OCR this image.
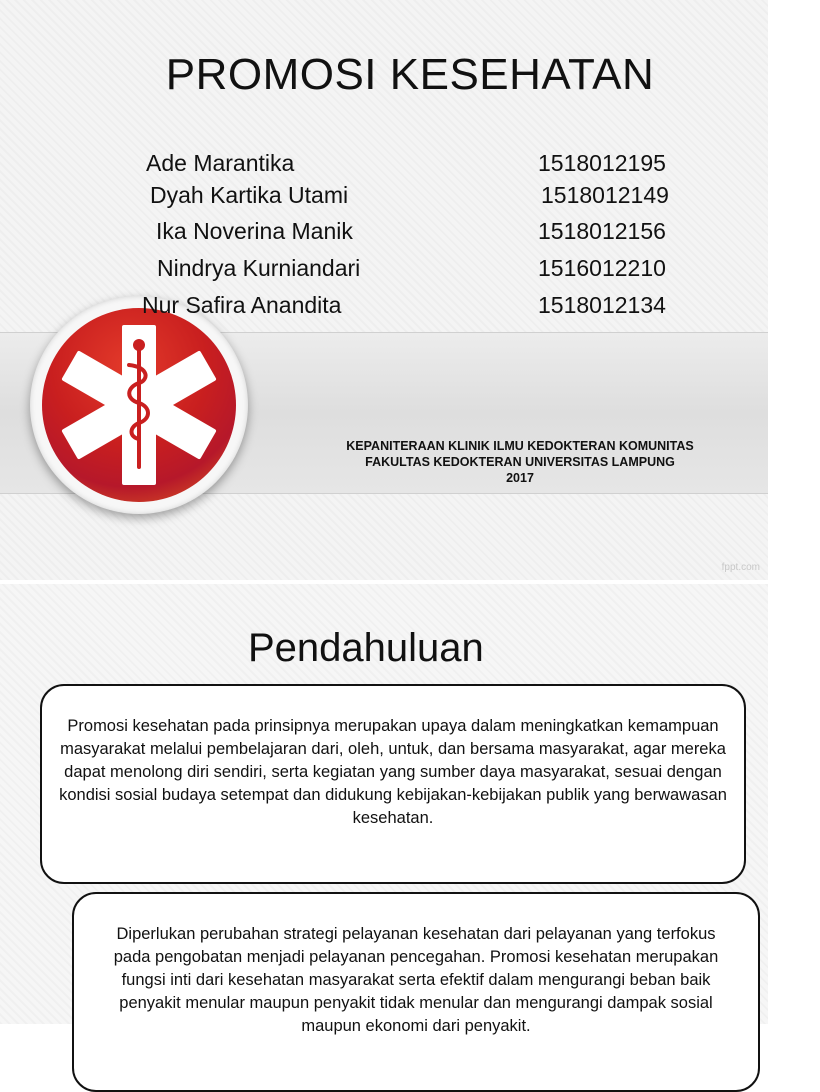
PROMOSI KESEHATAN
Ade Marantika	1518012195
Dyah Kartika Utami	1518012149
Ika Noverina Manik	1518012156
Nindrya Kurniandari	1516012210
Nur Safira Anandita	1518012134
KEPANITERAAN KLINIK ILMU KEDOKTERAN KOMUNITAS
FAKULTAS KEDOKTERAN UNIVERSITAS LAMPUNG
2017
fppt.com
Pendahuluan
Promosi kesehatan pada prinsipnya merupakan upaya dalam meningkatkan kemampuan masyarakat melalui pembelajaran dari, oleh, untuk, dan bersama masyarakat, agar mereka dapat menolong diri sendiri, serta kegiatan yang sumber daya masyarakat, sesuai dengan kondisi sosial budaya setempat dan didukung kebijakan-kebijakan publik yang berwawasan kesehatan.
Diperlukan perubahan strategi pelayanan kesehatan dari pelayanan yang terfokus pada pengobatan menjadi pelayanan pencegahan. Promosi kesehatan merupakan fungsi inti dari kesehatan masyarakat serta efektif dalam mengurangi beban baik penyakit menular maupun penyakit tidak menular dan mengurangi dampak sosial maupun ekonomi dari penyakit.
